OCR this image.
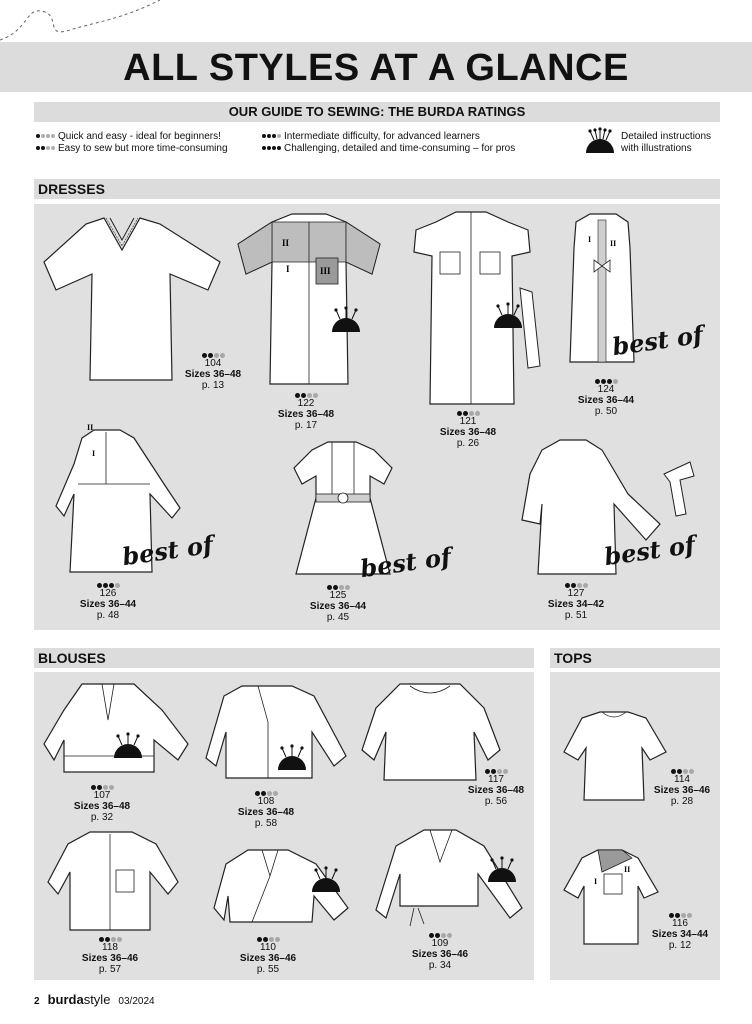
ALL STYLES AT A GLANCE
OUR GUIDE TO SEWING: THE BURDA RATINGS
Quick and easy - ideal for beginners!
Easy to sew but more time-consuming
Intermediate difficulty, for advanced learners
Challenging, detailed and time-consuming – for pros
Detailed instructions
with illustrations
DRESSES
104
Sizes 36–48
p. 13
II
I	III
122
Sizes 36–48
p. 17	121
Sizes 36–48
p. 26
I II
best of
124
Sizes 36–44
p. 50
II
I
best of
126
Sizes 36–44
p. 48
best of
125
Sizes 36–44
p. 45
best of
127
Sizes 34–42
p. 51
BLOUSES	TOPS
107
Sizes 36–48
p. 32
108
Sizes 36–48
p. 58
117
Sizes 36–48
p. 56
118
Sizes 36–46
p. 57
110
Sizes 36–46
p. 55
109
Sizes 36–46
p. 34
114
Sizes 36–46
p. 28
I
II
116
Sizes 34–44
p. 12
2 burdastyle 03/2024
